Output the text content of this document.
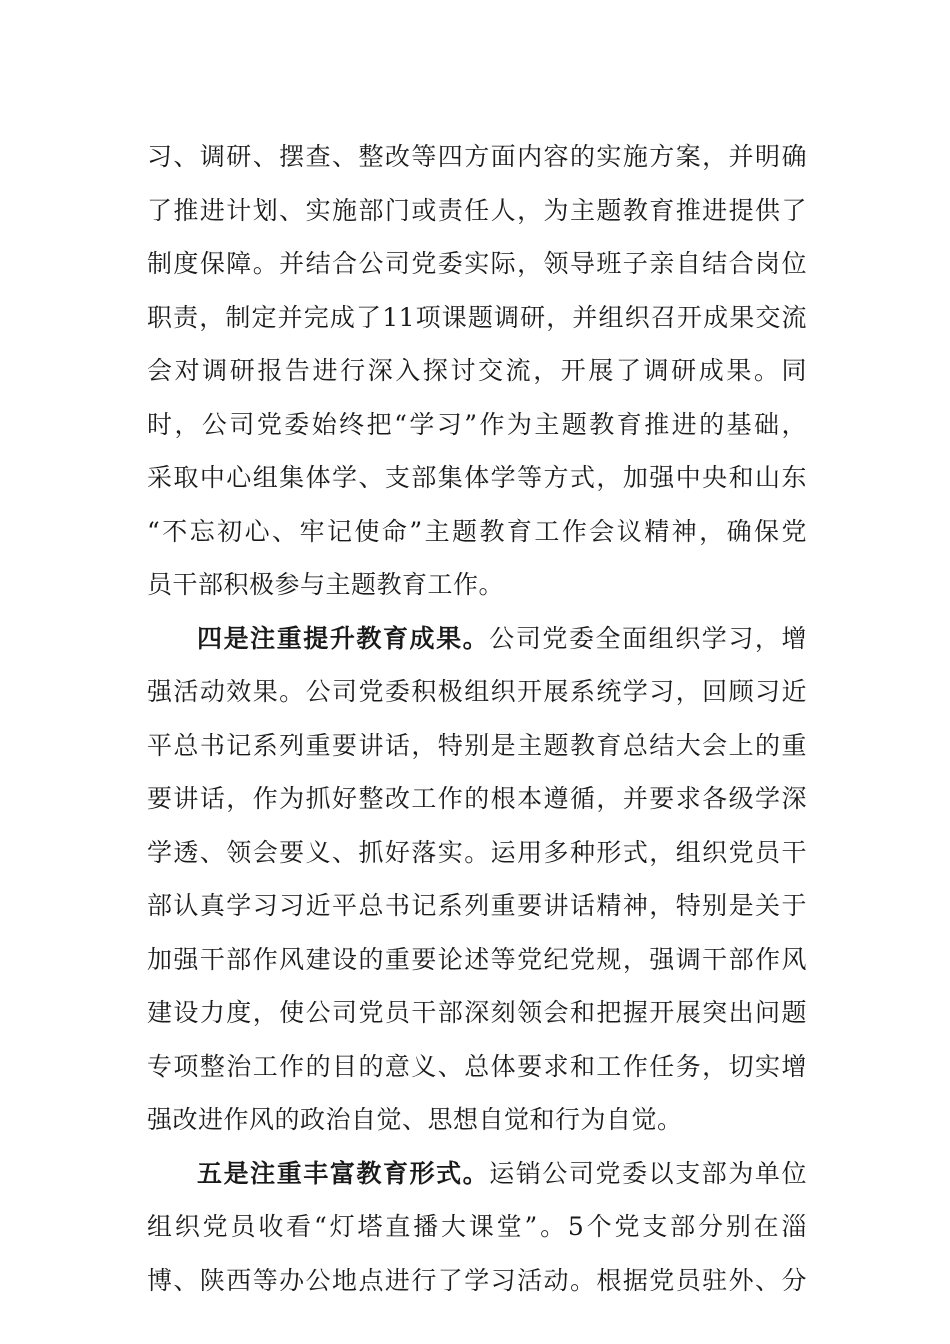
习、调研、摆查、整改等四方面内容的实施方案，并明确
了推进计划、实施部门或责任人，为主题教育推进提供了
制度保障。并结合公司党委实际，领导班子亲自结合岗位
职责，制定并完成了11项课题调研，并组织召开成果交流
会对调研报告进行深入探讨交流，开展了调研成果。同
时，公司党委始终把“学习”作为主题教育推进的基础，
采取中心组集体学、支部集体学等方式，加强中央和山东
“不忘初心、牢记使命”主题教育工作会议精神，确保党
员干部积极参与主题教育工作。
四是注重提升教育成果。公司党委全面组织学习，增
强活动效果。公司党委积极组织开展系统学习，回顾习近
平总书记系列重要讲话，特别是主题教育总结大会上的重
要讲话，作为抓好整改工作的根本遵循，并要求各级学深
学透、领会要义、抓好落实。运用多种形式，组织党员干
部认真学习习近平总书记系列重要讲话精神，特别是关于
加强干部作风建设的重要论述等党纪党规，强调干部作风
建设力度，使公司党员干部深刻领会和把握开展突出问题
专项整治工作的目的意义、总体要求和工作任务，切实增
强改进作风的政治自觉、思想自觉和行为自觉。
五是注重丰富教育形式。运销公司党委以支部为单位
组织党员收看“灯塔直播大课堂”。5个党支部分别在淄
博、陕西等办公地点进行了学习活动。根据党员驻外、分
